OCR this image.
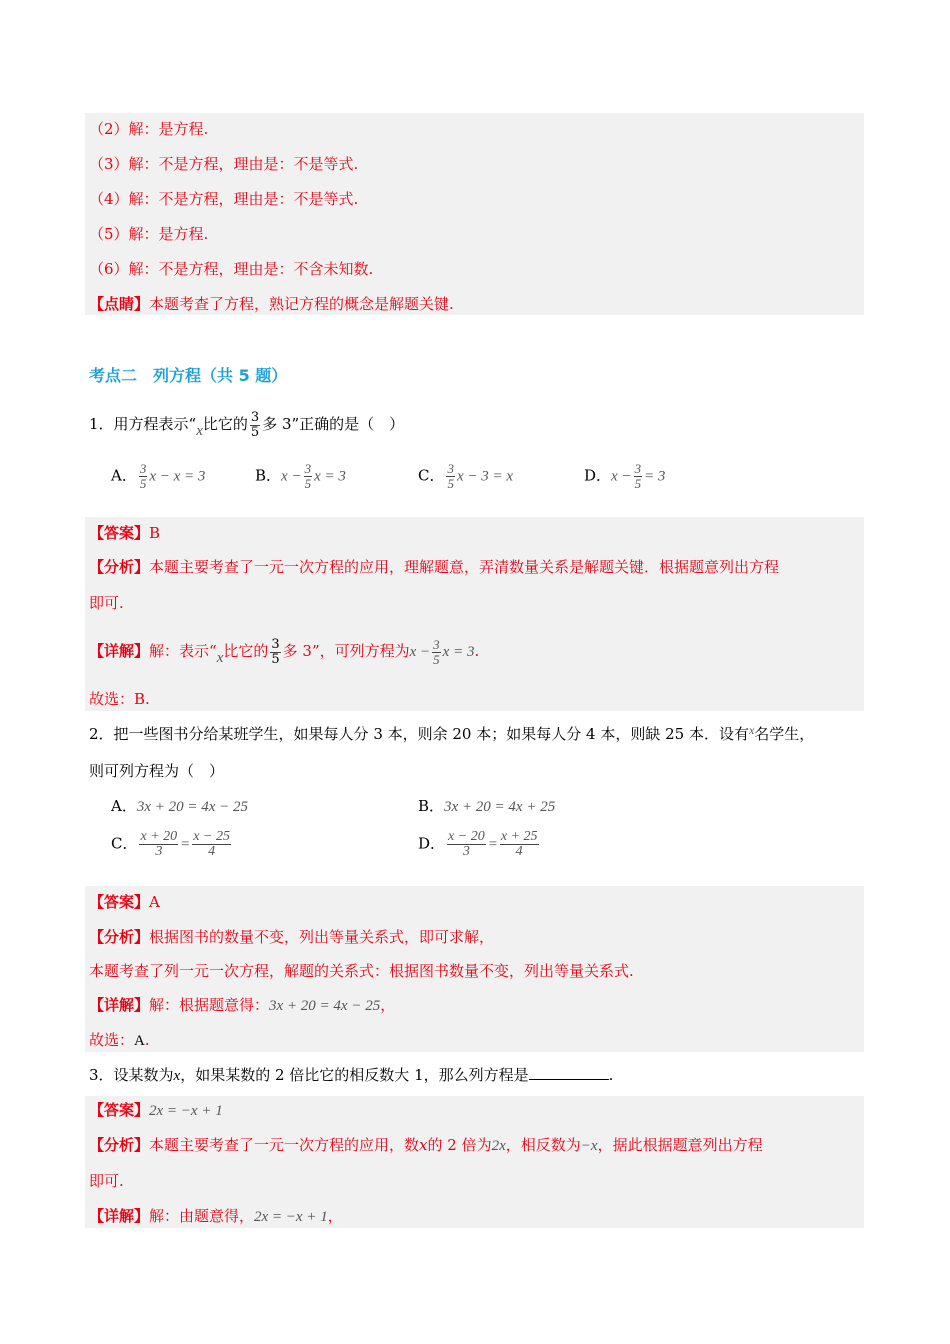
（2）解：是方程.
（3）解：不是方程，理由是：不是等式.
（4）解：不是方程，理由是：不是等式.
（5）解：是方程.
（6）解：不是方程，理由是：不含未知数.
【点睛】本题考查了方程，熟记方程的概念是解题关键.
考点二　列方程（共 5 题）
1．用方程表示“x比它的 $\frac{3}{5}$ 多 3”正确的是（　）
A． $\frac{3}{5}$ x − x = 3	B．$x - \frac{3}{5}$ x = 3	C． $\frac{3}{5}$ x − 3 = x	D．$x - \frac{3}{5} = 3$
【答案】B
【分析】本题主要考查了一元一次方程的应用，理解题意，弄清数量关系是解题关键．根据题意列出方程
即可.
【详解】解：表示“x比它的 $\frac{3}{5}$ 多 3”，可列方程为$x - \frac{3}{5}$ x = 3.
故选：B.
2．把一些图书分给某班学生，如果每人分 3 本，则余 20 本；如果每人分 4 本，则缺 25 本．设有$^x$名学生，
则可列方程为（　）
A．3x + 20 = 4x − 25	B．3x + 20 = 4x + 25
C． $\frac{x + 20}{3} = \frac{x - 25}{4}$	D． $\frac{x - 20}{3} = \frac{x + 25}{4}$
【答案】A
【分析】根据图书的数量不变，列出等量关系式，即可求解，
本题考查了列一元一次方程，解题的关系式：根据图书数量不变，列出等量关系式.
【详解】解：根据题意得：3x + 20 = 4x − 25，
故选：A.
3．设某数为x，如果某数的 2 倍比它的相反数大 1，那么列方程是	.
【答案】2x = −x + 1
【分析】本题主要考查了一元一次方程的应用，数x的 2 倍为2x，相反数为−x，据此根据题意列出方程
即可.
【详解】解：由题意得，2x = −x + 1，
